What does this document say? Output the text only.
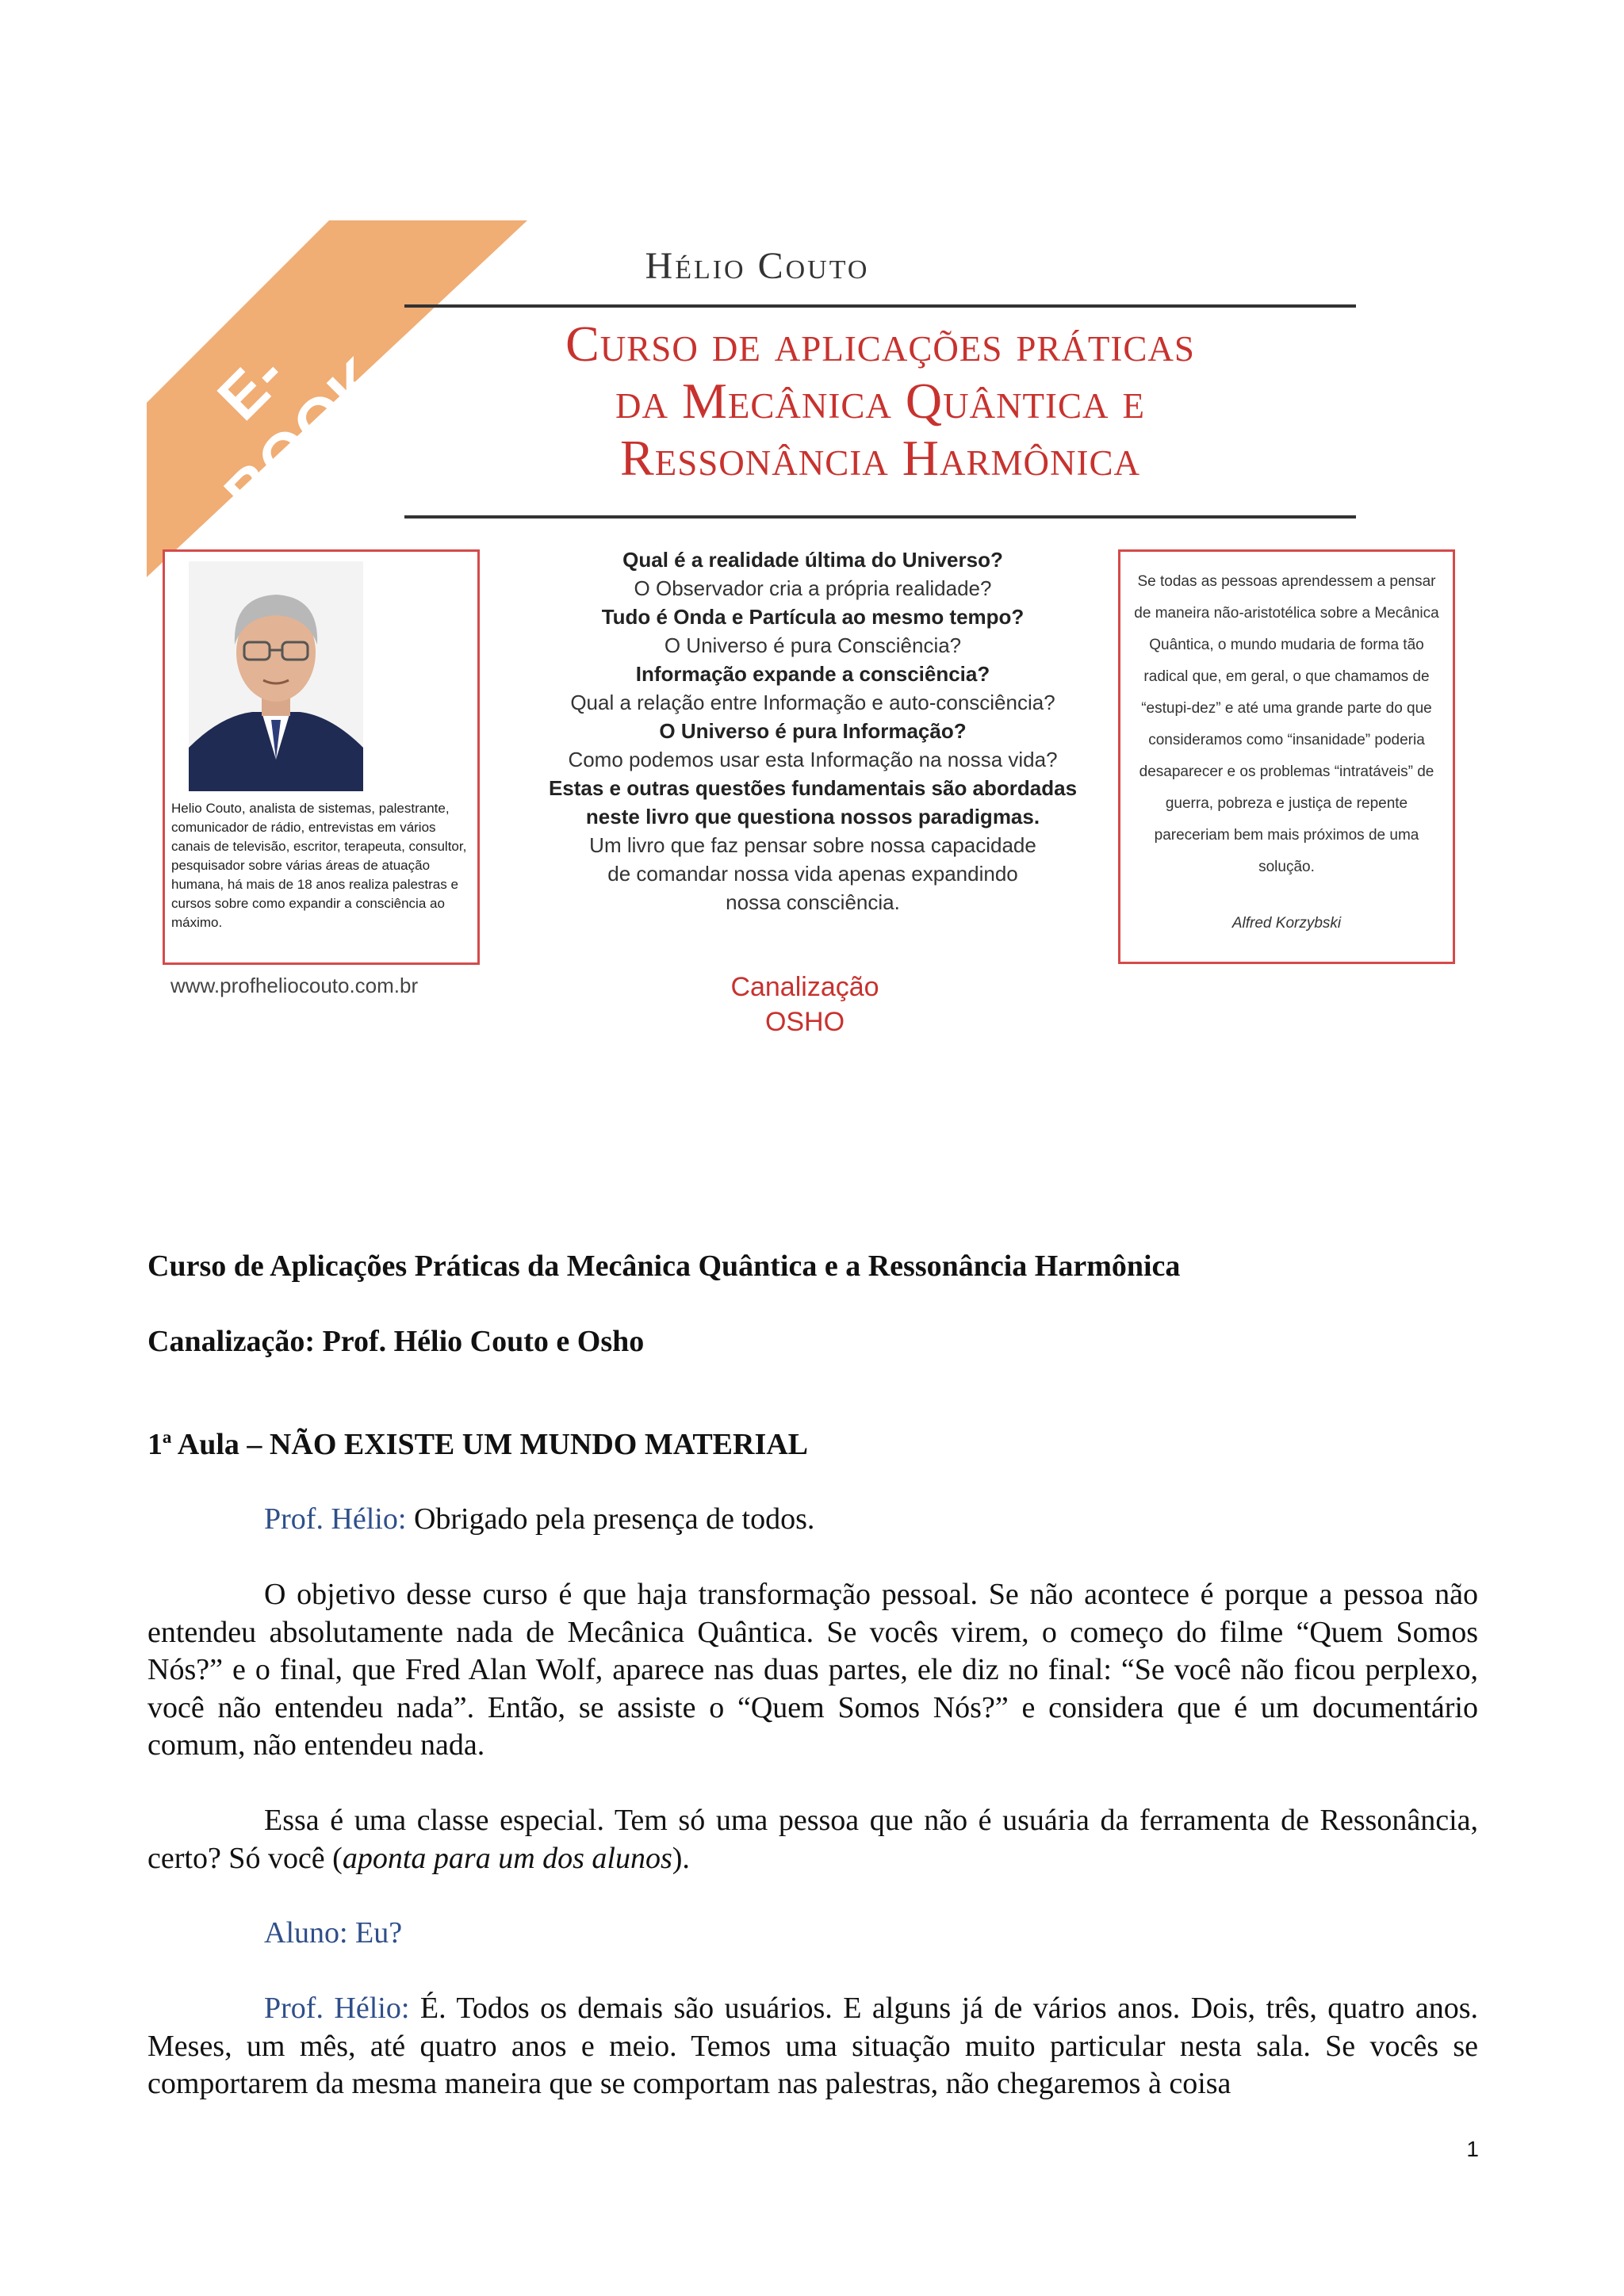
E-BOOK
Hélio Couto
Curso de aplicações práticas
da Mecânica Quântica e
Ressonância Harmônica
Helio Couto, analista de sistemas, palestrante, comunicador de rádio, entrevistas em vários canais de televisão, escritor, terapeuta, consultor, pesquisador sobre várias áreas de atuação humana, há mais de 18 anos realiza palestras e cursos sobre como expandir a consciência ao máximo.
www.profheliocouto.com.br
Qual é a realidade última do Universo?
O Observador cria a própria realidade?
Tudo é Onda e Partícula ao mesmo tempo?
O Universo é pura Consciência?
Informação expande a consciência?
Qual a relação entre Informação e auto-consciência?
O Universo é pura Informação?
Como podemos usar esta Informação na nossa vida?
Estas e outras questões fundamentais são abordadas
neste livro que questiona nossos paradigmas.
Um livro que faz pensar sobre nossa capacidade
de comandar nossa vida apenas expandindo
nossa consciência.
Canalização
OSHO
Se todas as pessoas aprendessem a pensar de maneira não-aristotélica sobre a Mecânica Quântica, o mundo mudaria de forma tão radical que, em geral, o que chamamos de “estupi-dez” e até uma grande parte do que consideramos como “insanidade” poderia desaparecer e os problemas “intratáveis” de guerra, pobreza e justiça de repente pareceriam bem mais próximos de uma solução.
Alfred Korzybski
Curso de Aplicações Práticas da Mecânica Quântica e a Ressonância Harmônica
Canalização: Prof. Hélio Couto e Osho
1ª Aula – NÃO EXISTE UM MUNDO MATERIAL
Prof. Hélio: Obrigado pela presença de todos.
O objetivo desse curso é que haja transformação pessoal. Se não acontece é porque a pessoa não entendeu absolutamente nada de Mecânica Quântica. Se vocês virem, o começo do filme “Quem Somos Nós?” e o final, que Fred Alan Wolf, aparece nas duas partes, ele diz no final: “Se você não ficou perplexo, você não entendeu nada”. Então, se assiste o “Quem Somos Nós?” e considera que é um documentário comum, não entendeu nada.
Essa é uma classe especial. Tem só uma pessoa que não é usuária da ferramenta de Ressonância, certo? Só você (aponta para um dos alunos).
Aluno: Eu?
Prof. Hélio: É. Todos os demais são usuários. E alguns já de vários anos. Dois, três, quatro anos. Meses, um mês, até quatro anos e meio. Temos uma situação muito particular nesta sala. Se vocês se comportarem da mesma maneira que se comportam nas palestras, não chegaremos à coisa
1
